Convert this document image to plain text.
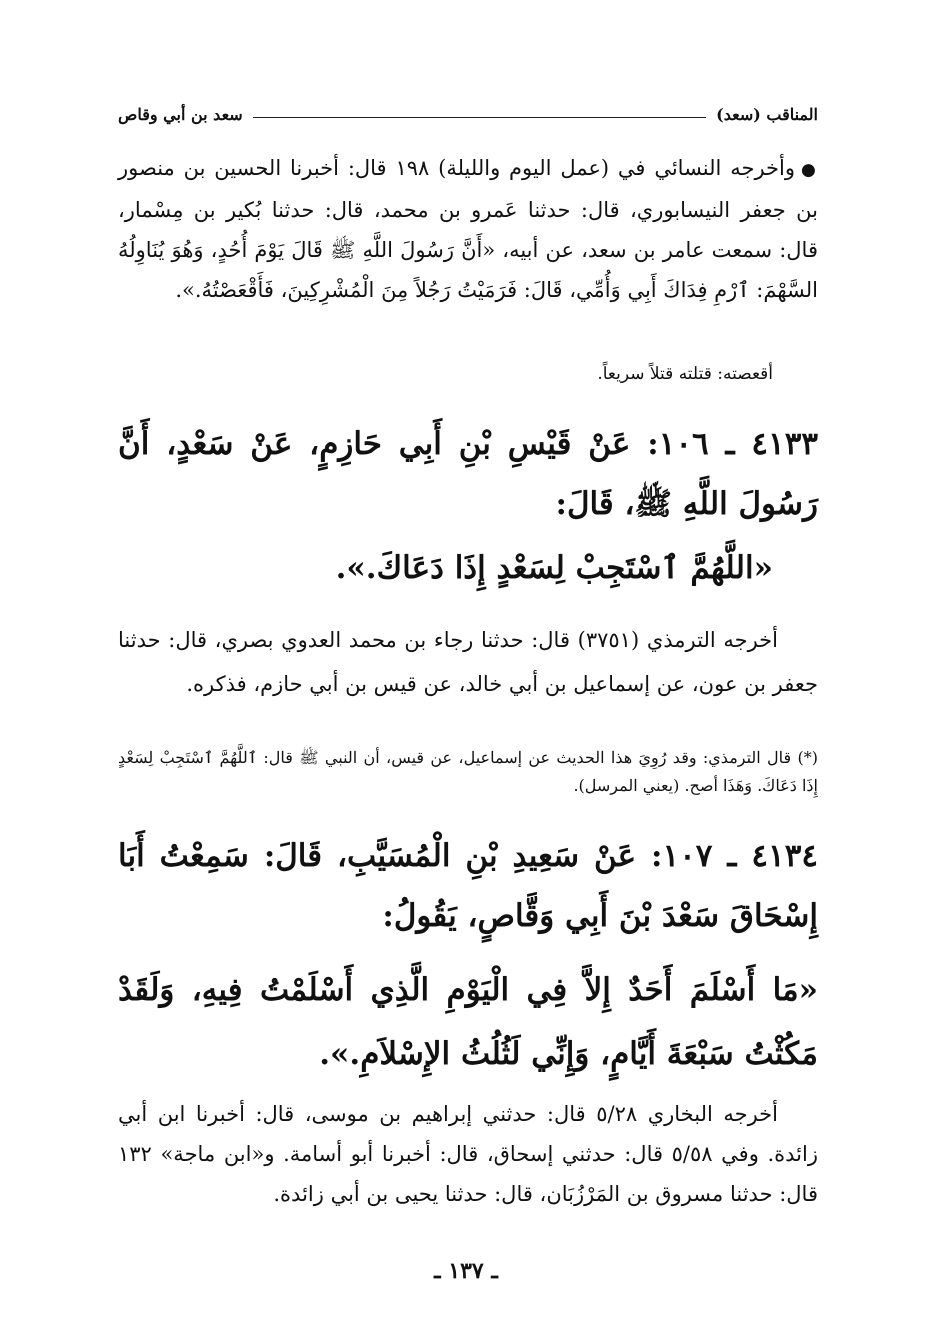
المناقب (سعد)
سعد بن أبي وقاص
●وأخرجه النسائي في (عمل اليوم والليلة) ١٩٨ قال: أخبرنا الحسين بن منصور بن جعفر النيسابوري، قال: حدثنا عَمرو بن محمد، قال: حدثنا بُكير بن مِسْمار، قال: سمعت عامر بن سعد، عن أبيه، «أَنَّ رَسُولَ اللَّهِ ﷺ قَالَ يَوْمَ أُحُدٍ، وَهُوَ يُنَاوِلُهُ السَّهْمَ: ٱرْمِ فِدَاكَ أَبِي وَأُمِّي، قَالَ: فَرَمَيْتُ رَجُلاً مِنَ الْمُشْرِكِينَ، فَأَقْعَصْتُهُ.».
أقعصته: قتلته قتلاً سريعاً.
٤١٣٣ ـ ١٠٦: عَنْ قَيْسِ بْنِ أَبِي حَازِمٍ، عَنْ سَعْدٍ، أَنَّ رَسُولَ اللَّهِ ﷺ، قَالَ:
«اللَّهُمَّ ٱسْتَجِبْ لِسَعْدٍ إِذَا دَعَاكَ.».
أخرجه الترمذي (٣٧٥١) قال: حدثنا رجاء بن محمد العدوي بصري، قال: حدثنا جعفر بن عون، عن إسماعيل بن أبي خالد، عن قيس بن أبي حازم، فذكره.
(*) قال الترمذي: وقد رُوِيَ هذا الحديث عن إسماعيل، عن قيس، أن النبي ﷺ قال: ٱللَّهُمَّ ٱسْتَجِبْ لِسَعْدٍ إِذَا دَعَاكَ. وَهَذَا أصح. (يعني المرسل).
٤١٣٤ ـ ١٠٧: عَنْ سَعِيدِ بْنِ الْمُسَيَّبِ، قَالَ: سَمِعْتُ أَبَا إِسْحَاقَ سَعْدَ بْنَ أَبِي وَقَّاصٍ، يَقُولُ:
«مَا أَسْلَمَ أَحَدٌ إِلاَّ فِي الْيَوْمِ الَّذِي أَسْلَمْتُ فِيهِ، وَلَقَدْ مَكُثْتُ سَبْعَةَ أَيَّامٍ، وَإِنِّي لَثُلُثُ الإِسْلاَمِ.».
أخرجه البخاري ٥/٢٨ قال: حدثني إبراهيم بن موسى، قال: أخبرنا ابن أبي زائدة. وفي ٥/٥٨ قال: حدثني إسحاق، قال: أخبرنا أبو أسامة. و«ابن ماجة» ١٣٢ قال: حدثنا مسروق بن المَرْزُبَان، قال: حدثنا يحيى بن أبي زائدة.
ـ ١٣٧ ـ
